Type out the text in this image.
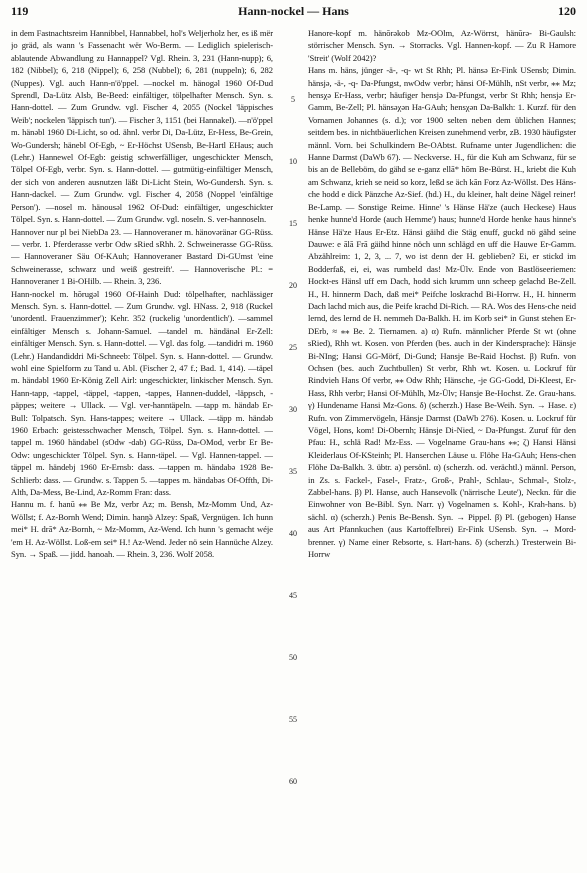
119	Hann-nockel — Hans	120

in dem Fastnachtsreim Hannibbel, Hannabbel, hol's Weljerholz her, es iß mër jo gräd, als wann 's Fassenacht wër Wo-Berm. — Lediglich spielerisch-ablautende Abwandlung zu Hannappel? Vgl. Rhein. 3, 231 (Hann-nupp); 6, 182 (Nibbel); 6, 218 (Nippel); 6, 258 (Nubbel); 6, 281 (nuppeln); 6, 282 (Nuppes). Vgl. auch Hann-n'ö'ppel. —nockel m. hänogəl 1960 Of-Dud Sprendl, Da-Lütz Alsb, Be-Beed: einfältiger, tölpelhafter Mensch. Syn. s. Hann-dottel. — Zum Grundw. vgl. Fischer 4, 2055 (Nockel 'läppisches Weib'; nockelen 'läppisch tun'). — Fischer 3, 1151 (bei Hannakel). —n'ö'ppel m. hänəbl 1960 Di-Licht, so od. ähnl. verbr Di, Da-Lütz, Er-Hess, Be-Grein, Wo-Gundersh; hänebl Of-Egb, ~ Er-Höchst USensb, Be-Hartl EHaus; auch (Lehr.) Hannewel Of-Egb: geistig schwerfälliger, ungeschickter Mensch, Tölpel Of-Egb, verbr. Syn. s. Hann-dottel. — gutmütig-einfältiger Mensch, der sich von anderen ausnutzen läßt Di-Licht Stein, Wo-Gundersh. Syn. s. Hann-dackel. — Zum Grundw. vgl. Fischer 4, 2058 (Noppel 'einfältige Person'). —nosel m. hänousəl 1962 Of-Dud: einfältiger, ungeschickter Tölpel. Syn. s. Hann-dottel. — Zum Grundw. vgl. noseln. S. ver-hannoseln.

Hannover nur pl bei NiebDa 23. — Hannoveraner m. hänovəränər GG-Rüss. — verbr. 1. Pferderasse verbr Odw sRied sRhh. 2. Schweinerasse GG-Rüss. — Hannoveraner Säu Of-KAuh; Hannoveraner Bastard Di-GUmst 'eine Schweinerasse, schwarz und weiß gestreift'. — Hannoverische Pl.: = Hannoveraner 1 Bi-OHilb. — Rhein. 3, 236.

Hann-nockel m. hōrugəl 1960 Of-Hainh Dud: tölpelhafter, nachlässiger Mensch. Syn. s. Hann-dottel. — Zum Grundw. vgl. HNass. 2, 918 (Ruckel 'unordentl. Frauenzimmer'); Kehr. 352 (ruckelig 'unordentlich'). —sammel einfältiger Mensch s. Johann-Samuel. —tandel m. händänəl Er-Zell: einfältiger Mensch. Syn. s. Hann-dottel. — Vgl. das folg. —tandidri m. 1960 (Lehr.) Handandiddri Mi-Schneeb: Tölpel. Syn. s. Hann-dottel. — Grundw. wohl eine Spielform zu Tand u. Abl. (Fischer 2, 47 f.; Bad. 1, 414). —täpel m. händəbl 1960 Er-König Zell Airl: ungeschickter, linkischer Mensch. Syn. Hann-tapp, -tappel, -täppel, -tappen, -tappes, Hannen-duddel, -läppsch, -päppes; weitere → Ullack. — Vgl. ver-hanntäpeln. —tapp m. händab Er-Bull: Tolpatsch. Syn. Hans-tappes; weitere → Ullack. —täpp m. händəb 1960 Erbach: geistesschwacher Mensch, Tölpel. Syn. s. Hann-dottel. —tappel m. 1960 händabel (sOdw -dab) GG-Rüss, Da-OMod, verbr Er Be-Odw: ungeschickter Tölpel. Syn. s. Hann-täpel. — Vgl. Hannen-tappel. —täppel m. händebj 1960 Er-Ernsb: dass. —tappen m. händabə 1928 Be-Schlierb: dass. — Grundw. s. Tappen 5. —tappes m. händabəs Of-Offth, Di-Alth, Da-Mess, Be-Lind, Az-Romm Fran: dass.

Hannu m. f. hanū ⁎⁎ Be Mz, verbr Az; m. Bensh, Mz-Momm Und, Az-Wöllst; f. Az-Bornh Wend; Dimin. hanŋ̃ə Alzey: Spaß, Vergnügen. Ich hunn mei* H. drā* Az-Bornh, ~ Mz-Momm, Az-Wend. Ich hunn 's gemacht wéje 'em H. Az-Wöllst. Loß-em sei* H.! Az-Wend. Jeder nö sein Hannüche Alzey. Syn. → Spaß. — jidd. hanoah. — Rhein. 3, 236. Wolf 2058.

5
10
15
20
25
30
35
40
45
50
55
60

Hanore-kopf m. hänōrəkob Mz-OOlm, Az-Wörrst, hänūrə- Bi-Gaulsh: störrischer Mensch. Syn. → Storracks. Vgl. Hannen-kopf. — Zu R Hamore 'Streit' (Wolf 2042)?

Hans m. häns, jünger -ä-, -q- wt St Rhh; Pl. hänsə Er-Fink USensb; Dimin. hänsjə, -ä-, -q- Da-Pfungst, nwOdw verbr; hänsi Of-Mühlh, nSt verbr, ⁎⁎ Mz; hensχə Er-Hass, verbr; häufiger hensjə Da-Pfungst, verbr St Rhh; hensjə Er-Gamm, Be-Zell; Pl. hänsəχən Ha-GAuh; hensχən Da-Balkh: 1. Kurzf. für den Vornamen Johannes (s. d.); vor 1900 selten neben dem üblichen Hannes; seitdem bes. in nichtbäuerlichen Kreisen zunehmend verbr, zB. 1930 häufigster männl. Vorn. bei Schulkindern Be-OAbtst. Rufname unter Jugendlichen: die Hanne Darmst (DaWb 67). — Neckverse. H., für die Kuh am Schwanz, für se bis an de Belleböm, do gähd se e-ganz ellā* hōm Be-Bürst. H., kriebt die Kuh am Schwanz, krieh se neid so korz, leßd se äch kān Forz Az-Wöllst. Des Häns-che hodd e dick Pänzche Az-Sief. (hd.) H., du kleiner, halt deine Nägel reiner! Be-Lamp. — Sonstige Reime. Hinne' 's Hänse Hä'ze (auch Heckese) Haus henke hunne'd Horde (auch Hemme') haus; hunne'd Horde henke haus hinne's Hänse Hä'ze Haus Er-Etz. Hänsi gäihd die Stäg enuff, guckd nö gähd seine Dauwe: e ālā Frā gäihd hinne nöch unn schlägd en uff die Hauwe Er-Gamm. Abzählreim: 1, 2, 3, ... 7, wo ist denn der H. geblieben? Ei, er stickd im Bodderfaß, ei, ei, was rumbeld das! Mz-Ülv. Ende von Bastlöseeriemen: Hockt-es Hänsl uff em Dach, hodd sich krumm unn scheep gelachd Be-Zell. H., H. hinnerm Dach, daß mei* Peifche loskrachd Bi-Horrw. H., H. hinnerm Dach lachd mich aus, die Peife krachd Di-Rich. — RA. Wos des Hens-che neid lernd, des lernd de H. nemmeh Da-Balkh. H. im Korb sei* in Gunst stehen Er-DErb, ≈ ⁎⁎ Be. 2. Tiernamen. a) α) Rufn. männlicher Pferde St wt (ohne sRied), Rhh wt. Kosen. von Pferden (bes. auch in der Kindersprache): Hänsje Bi-NIng; Hansi GG-Mörf, Di-Gund; Hansje Be-Raid Hochst. β) Rufn. von Ochsen (bes. auch Zuchtbullen) St verbr, Rhh wt. Kosen. u. Lockruf für Rindvieh Hans Of verbr, ⁎⁎ Odw Rhh; Hänsche, -je GG-Godd, Di-Kleest, Er-Hass, Rhh verbr; Hansi Of-Mühlh, Mz-Ülv; Hansje Be-Hochst. Ze. Grau-hans. γ) Hundename Hansi Mz-Gons. δ) (scherzh.) Hase Be-Weih. Syn. → Hase. ε) Rufn. von Zimmervögeln, Hänsje Darmst (DaWb 276). Kosen. u. Lockruf für Vögel, Hons, kom! Di-Obernh; Hänsje Di-Nied, ~ Da-Pfungst. Zuruf für den Pfau: H., schlä Rad! Mz-Ess. — Vogelname Grau-hans ⁎⁎; ζ) Hansi Hänsi Kleiderlaus Of-KSteinh; Pl. Hanserchen Läuse u. Flöhe Ha-GAuh; Hens-chen Flöhe Da-Balkh. 3. übtr. a) persönl. α) (scherzh. od. verächtl.) männl. Person, in Zs. s. Fackel-, Fasel-, Fratz-, Groß-, Prahl-, Schlau-, Schmal-, Stolz-, Zabbel-hans. β) Pl. Hanse, auch Hansevolk ('närrische Leute'), Neckn. für die Einwohner von Be-Bibl. Syn. Narr. γ) Vogelnamen s. Kohl-, Krah-hans. b) sächl. α) (scherzh.) Penis Be-Bensh. Syn. → Pippel. β) Pl. (gebogen) Hanse aus Art Pfannkuchen (aus Kartoffelbrei) Er-Fink USensb. Syn. → Mord-brenner. γ) Name einer Rebsorte, s. Hart-hans. δ) (scherzh.) Tresterwein Bi-Horrw
